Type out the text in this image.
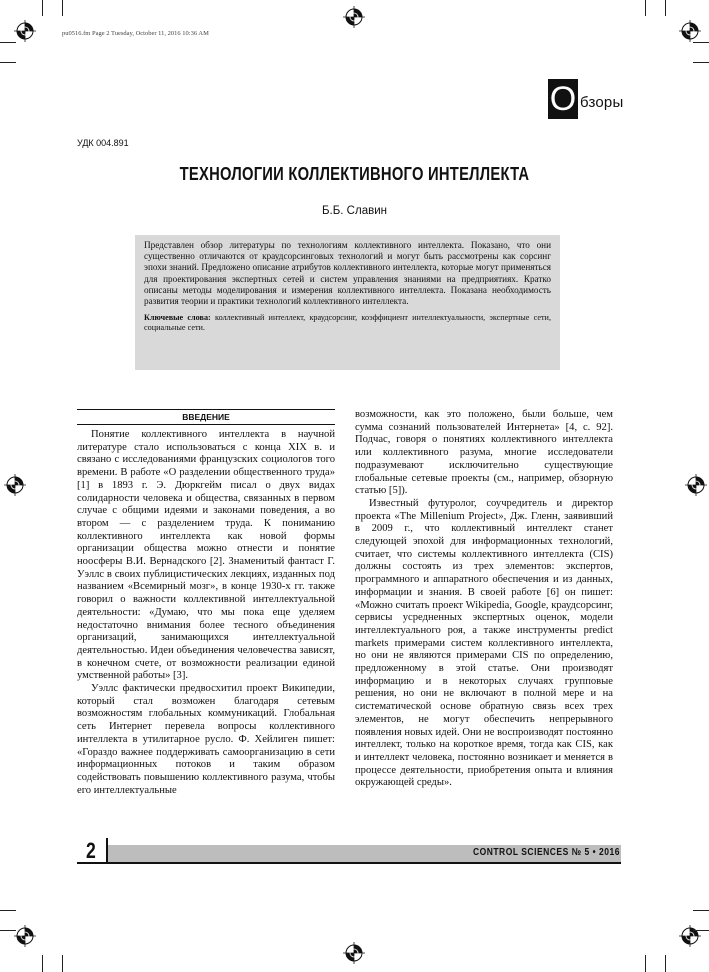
pu0516.fm Page 2 Tuesday, October 11, 2016 10:36 AM
О бзоры
УДК 004.891
ТЕХНОЛОГИИ КОЛЛЕКТИВНОГО ИНТЕЛЛЕКТА
Б.Б. Славин

Представлен обзор литературы по технологиям коллективного интеллекта. Показано, что они существенно отличаются от краудсорсинговых технологий и могут быть рассмотрены как сорсинг эпохи знаний. Предложено описание атрибутов коллективного интеллекта, которые могут применяться для проектирования экспертных сетей и систем управления знаниями на предприятиях. Кратко описаны методы моделирования и измерения коллективного интеллекта. Показана необходимость развития теории и практики технологий коллективного интеллекта.

Ключевые слова: коллективный интеллект, краудсорсинг, коэффициент интеллектуальности, экспертные сети, социальные сети.

ВВЕДЕНИЕ

Понятие коллективного интеллекта в научной литературе стало использоваться с конца XIX в. и связано с исследованиями французских социологов того времени. В работе «О разделении общественного труда» [1] в 1893 г. Э. Дюркгейм писал о двух видах солидарности человека и общества, связанных в первом случае с общими идеями и законами поведения, а во втором — с разделением труда. К пониманию коллективного интеллекта как новой формы организации общества можно отнести и понятие ноосферы В.И. Вернадского [2]. Знаменитый фантаст Г. Уэллс в своих публицистических лекциях, изданных под названием «Всемирный мозг», в конце 1930-х гг. также говорил о важности коллективной интеллектуальной деятельности: «Думаю, что мы пока еще уделяем недостаточно внимания более тесного объединения организаций, занимающихся интеллектуальной деятельностью. Идеи объединения человечества зависят, в конечном счете, от возможности реализации единой умственной работы» [3].

Уэллс фактически предвосхитил проект Википедии, который стал возможен благодаря сетевым возможностям глобальных коммуникаций. Глобальная сеть Интернет перевела вопросы коллективного интеллекта в утилитарное русло. Ф. Хейлиген пишет: «Гораздо важнее поддерживать самоорганизацию в сети информационных потоков и таким образом содействовать повышению коллективного разума, чтобы его интеллектуальные

возможности, как это положено, были больше, чем сумма сознаний пользователей Интернета» [4, с. 92]. Подчас, говоря о понятиях коллективного интеллекта или коллективного разума, многие исследователи подразумевают исключительно существующие глобальные сетевые проекты (см., например, обзорную статью [5]).

Известный футуролог, соучредитель и директор проекта «The Millenium Project», Дж. Гленн, заявивший в 2009 г., что коллективный интеллект станет следующей эпохой для информационных технологий, считает, что системы коллективного интеллекта (CIS) должны состоять из трех элементов: экспертов, программного и аппаратного обеспечения и из данных, информации и знания. В своей работе [6] он пишет: «Можно считать проект Wikipedia, Google, краудсорсинг, сервисы усредненных экспертных оценок, модели интеллектуального роя, а также инструменты predict markets примерами систем коллективного интеллекта, но они не являются примерами CIS по определению, предложенному в этой статье. Они производят информацию и в некоторых случаях групповые решения, но они не включают в полной мере и на систематической основе обратную связь всех трех элементов, не могут обеспечить непрерывного появления новых идей. Они не воспроизводят постоянно интеллект, только на короткое время, тогда как CIS, как и интеллект человека, постоянно возникает и меняется в процессе деятельности, приобретения опыта и влияния окружающей среды».

2	CONTROL SCIENCES № 5 • 2016
